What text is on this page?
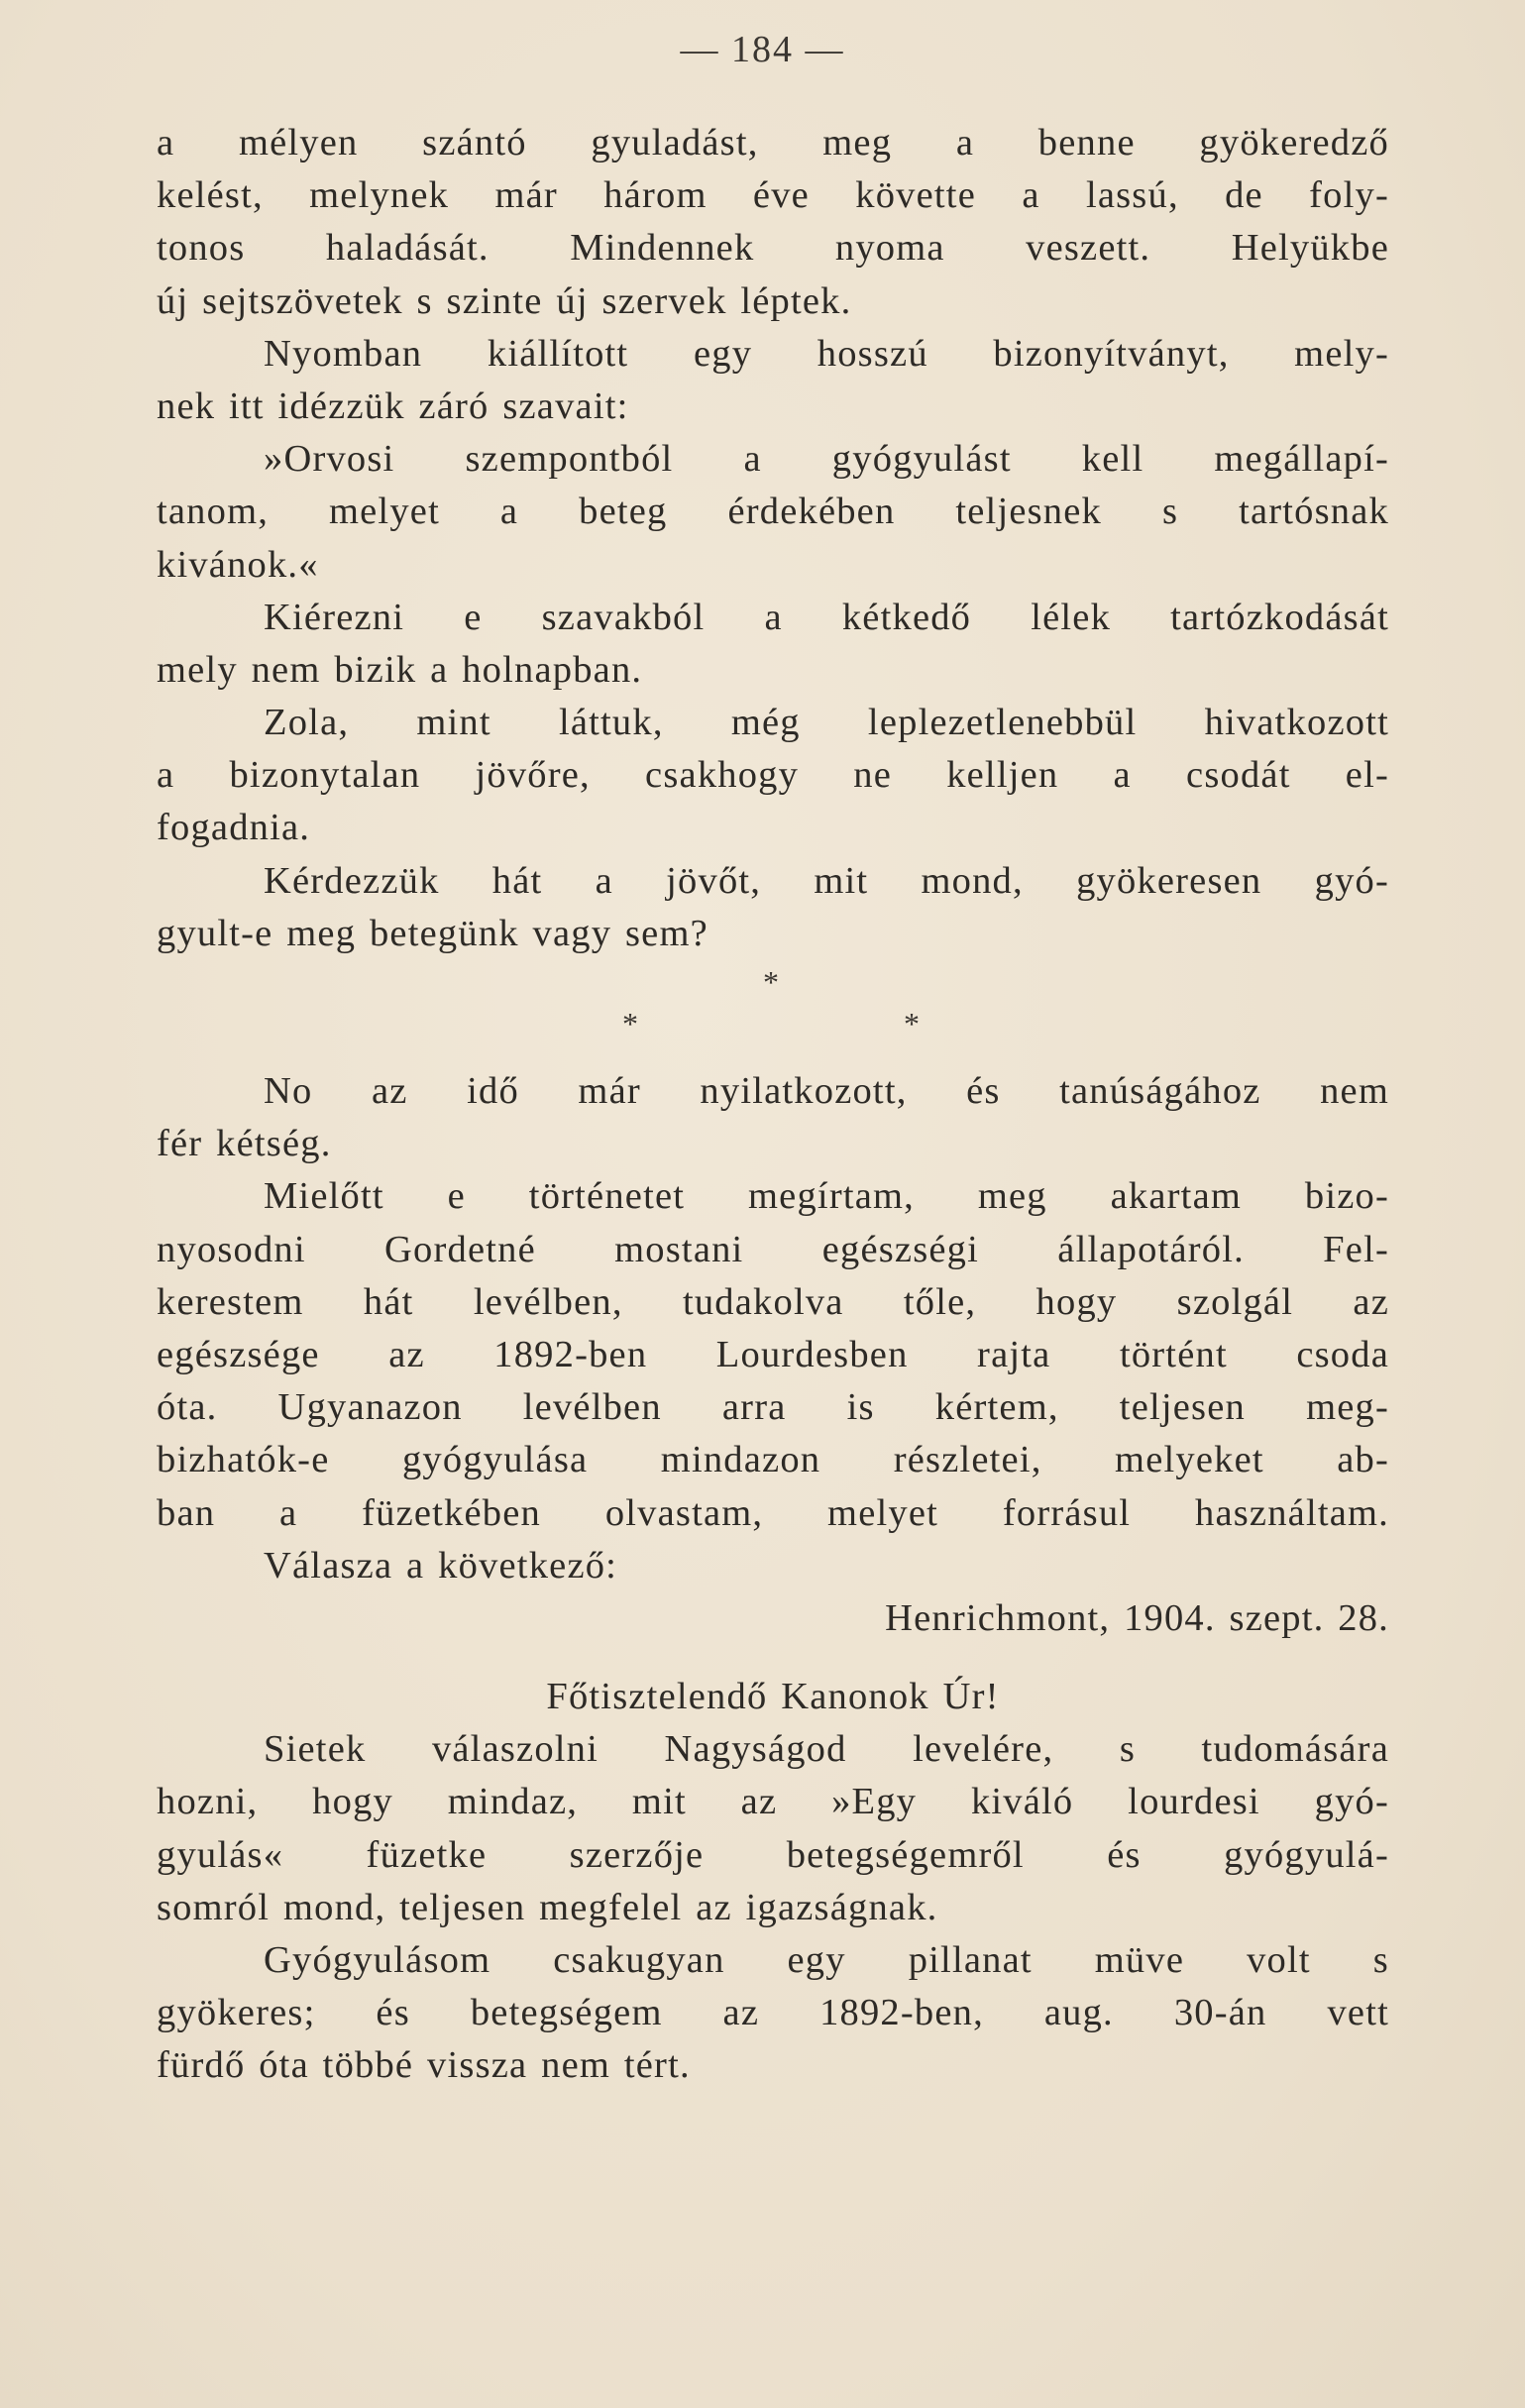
— 184 —
a mélyen szántó gyuladást, meg a benne gyökeredző
kelést, melynek már három éve követte a lassú, de foly-
tonos haladását. Mindennek nyoma veszett. Helyükbe
új sejtszövetek s szinte új szervek léptek.
Nyomban kiállított egy hosszú bizonyítványt, mely-
nek itt idézzük záró szavait:
»Orvosi szempontból a gyógyulást kell megállapí-
tanom, melyet a beteg érdekében teljesnek s tartósnak
kivánok.«
Kiérezni e szavakból a kétkedő lélek tartózkodását
mely nem bizik a holnapban.
Zola, mint láttuk, még leplezetlenebbül hivatkozott
a bizonytalan jövőre, csakhogy ne kelljen a csodát el-
fogadnia.
Kérdezzük hát a jövőt, mit mond, gyökeresen gyó-
gyult-e meg betegünk vagy sem?
*
*	*
No az idő már nyilatkozott, és tanúságához nem
fér kétség.
Mielőtt e történetet megírtam, meg akartam bizo-
nyosodni Gordetné mostani egészségi állapotáról. Fel-
kerestem hát levélben, tudakolva tőle, hogy szolgál az
egészsége az 1892-ben Lourdesben rajta történt csoda
óta. Ugyanazon levélben arra is kértem, teljesen meg-
bizhatók-e gyógyulása mindazon részletei, melyeket ab-
ban a füzetkében olvastam, melyet forrásul használtam.
Válasza a következő:
Henrichmont, 1904. szept. 28.
Főtisztelendő Kanonok Úr!
Sietek válaszolni Nagyságod levelére, s tudomására
hozni, hogy mindaz, mit az »Egy kiváló lourdesi gyó-
gyulás« füzetke szerzője betegségemről és gyógyulá-
somról mond, teljesen megfelel az igazságnak.
Gyógyulásom csakugyan egy pillanat müve volt s
gyökeres; és betegségem az 1892-ben, aug. 30-án vett
fürdő óta többé vissza nem tért.
